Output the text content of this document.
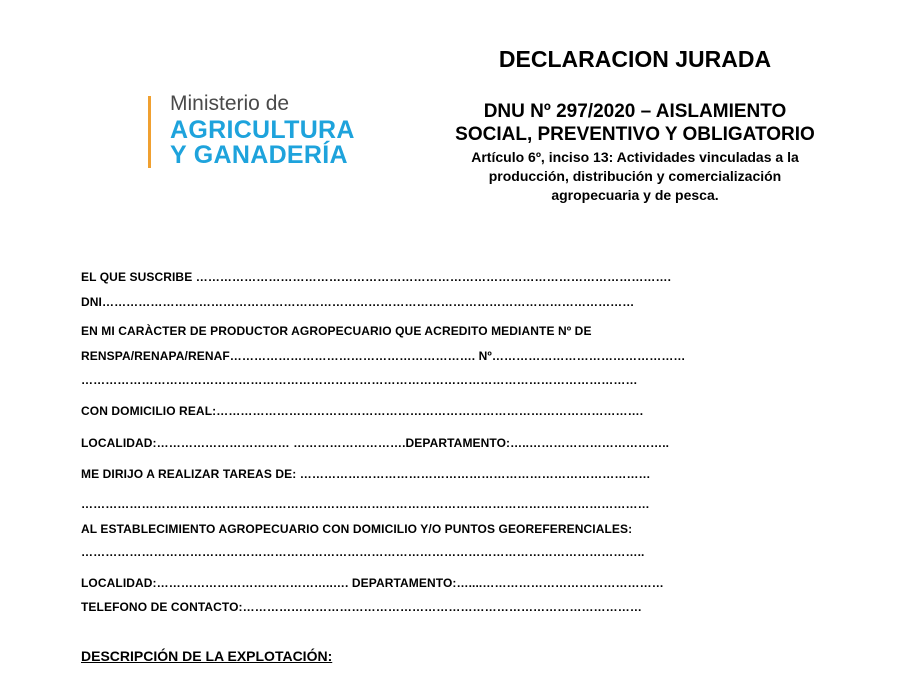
Ministerio de
AGRICULTURA
Y GANADERÍA
DECLARACION JURADA
DNU Nº 297/2020 – AISLAMIENTO
SOCIAL, PREVENTIVO Y OBLIGATORIO
Artículo 6º, inciso 13: Actividades vinculadas a la
producción, distribución y comercialización
agropecuaria y de pesca.
EL QUE SUSCRIBE ……………………………………………………………………………………………………….
DNI……………………………………………………………………………………………………………………
EN MI CARÀCTER DE PRODUCTOR AGROPECUARIO QUE ACREDITO MEDIANTE Nº DE
RENSPA/RENAPA/RENAF……………………………………………………. Nº…………………………………………
…………………………………………………………………………………………………………………………
CON DOMICILIO REAL:…………………………………………………………………………………………….
LOCALIDAD:…………………………… ……………………….DEPARTAMENTO:…..……………………………..
ME DIRIJO A REALIZAR TAREAS DE: ……………………………………………………………………………
……………………………………………………………………………………………………………………………
AL ESTABLECIMIENTO AGROPECUARIO CON DOMICILIO Y/O PUNTOS GEOREFERENCIALES:
…………………………………………………………………………………………………………………………..
LOCALIDAD:……………………………………..…. DEPARTAMENTO:…....………………………………………
TELEFONO DE CONTACTO:………………………………………………………………………………………
DESCRIPCIÓN DE LA EXPLOTACIÓN:
